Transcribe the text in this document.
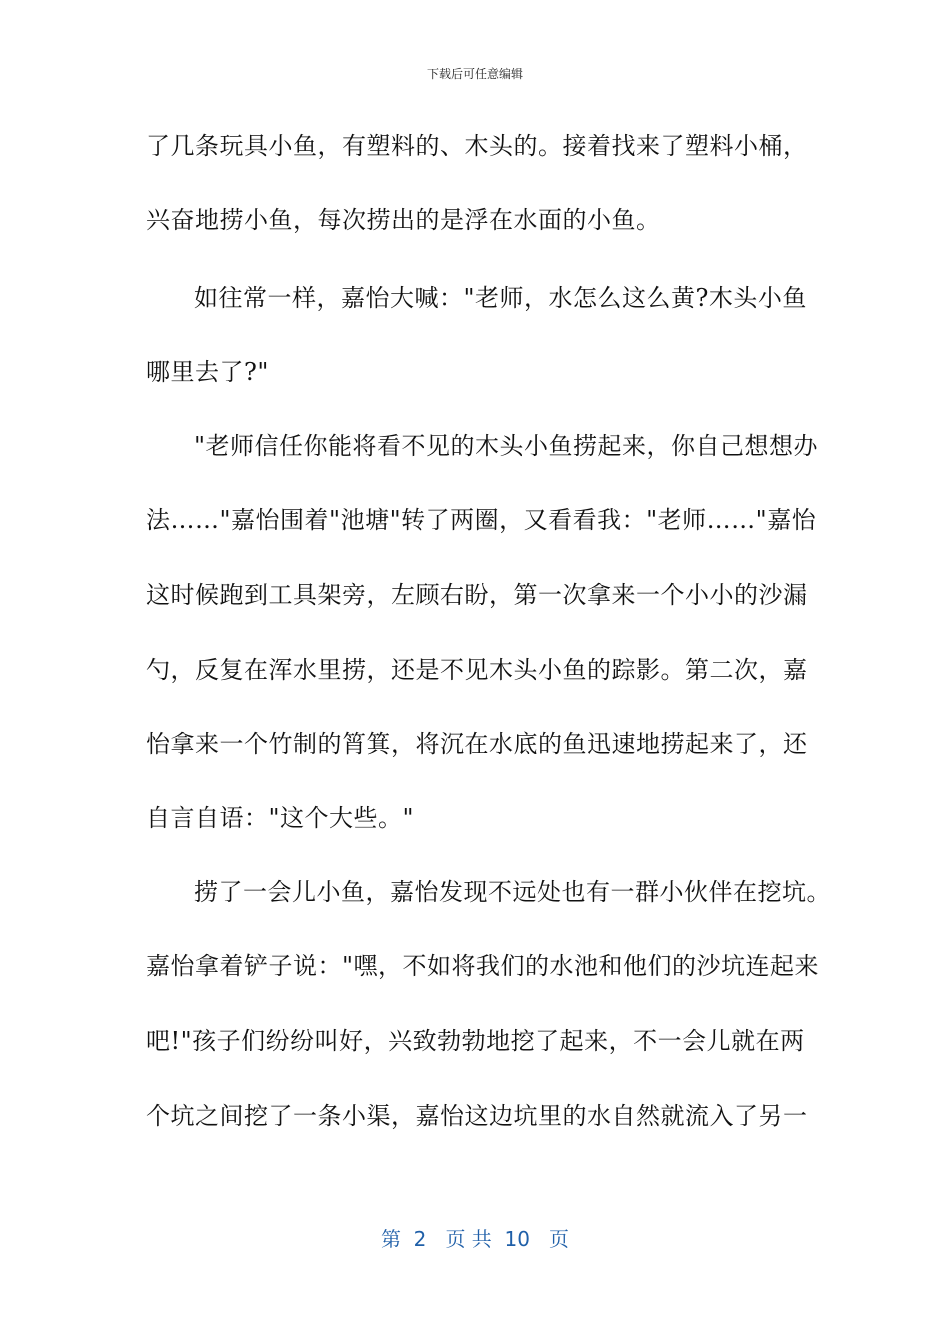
下载后可任意编辑
了几条玩具小鱼，有塑料的、木头的。接着找来了塑料小桶，
兴奋地捞小鱼，每次捞出的是浮在水面的小鱼。
如往常一样，嘉怡大喊："老师，水怎么这么黄?木头小鱼
哪里去了?"
"老师信任你能将看不见的木头小鱼捞起来，你自己想想办
法……"嘉怡围着"池塘"转了两圈，又看看我："老师……"嘉怡
这时候跑到工具架旁，左顾右盼，第一次拿来一个小小的沙漏
勺，反复在浑水里捞，还是不见木头小鱼的踪影。第二次，嘉
怡拿来一个竹制的筲箕，将沉在水底的鱼迅速地捞起来了，还
自言自语："这个大些。"
捞了一会儿小鱼，嘉怡发现不远处也有一群小伙伴在挖坑。
嘉怡拿着铲子说："嘿，不如将我们的水池和他们的沙坑连起来
吧!"孩子们纷纷叫好，兴致勃勃地挖了起来，不一会儿就在两
个坑之间挖了一条小渠，嘉怡这边坑里的水自然就流入了另一
第  2   页 共  10   页
